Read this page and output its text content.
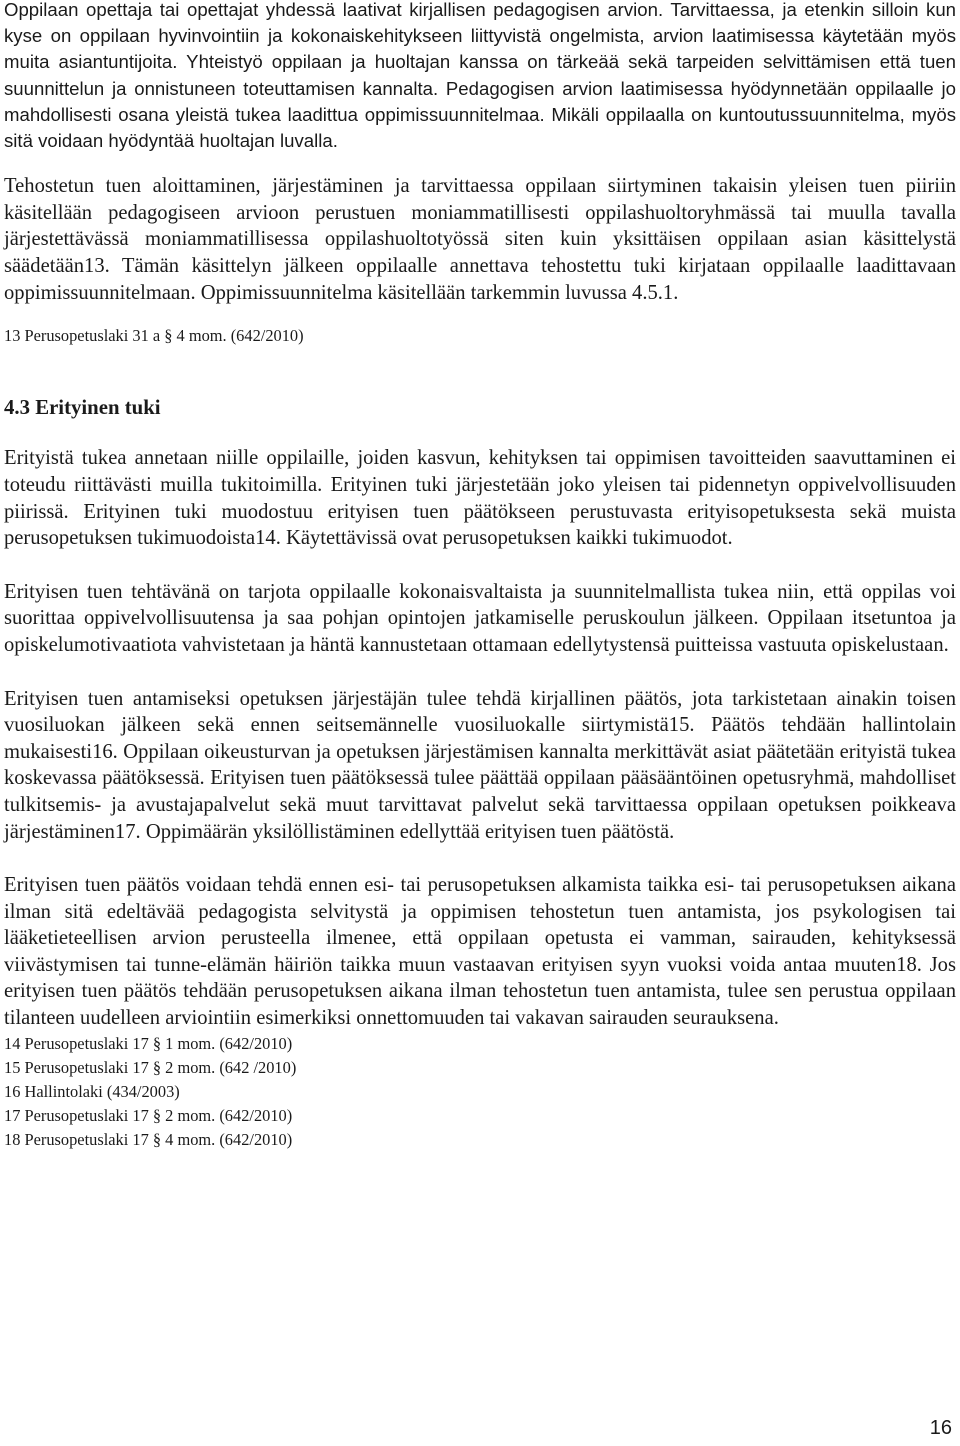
Oppilaan opettaja tai opettajat yhdessä laativat kirjallisen pedagogisen arvion. Tarvittaessa, ja etenkin silloin kun kyse on oppilaan hyvinvointiin ja kokonaiskehitykseen liittyvistä ongelmista, arvion laatimisessa käytetään myös muita asiantuntijoita. Yhteistyö oppilaan ja huoltajan kanssa on tärkeää sekä tarpeiden selvittämisen että tuen suunnittelun ja onnistuneen toteuttamisen kannalta. Pedagogisen arvion laatimisessa hyödynnetään oppilaalle jo mahdollisesti osana yleistä tukea laadittua oppimissuunnitelmaa. Mikäli oppilaalla on kuntoutussuunnitelma, myös sitä voidaan hyödyntää huoltajan luvalla.

Tehostetun tuen aloittaminen, järjestäminen ja tarvittaessa oppilaan siirtyminen takaisin yleisen tuen piiriin käsitellään pedagogiseen arvioon perustuen moniammatillisesti oppilashuoltoryhmässä tai muulla tavalla järjestettävässä moniammatillisessa oppilashuoltotyössä siten kuin yksittäisen oppilaan asian käsittelystä säädetään13. Tämän käsittelyn jälkeen oppilaalle annettava tehostettu tuki kirjataan oppilaalle laadittavaan oppimissuunnitelmaan. Oppimissuunnitelma käsitellään tarkemmin luvussa 4.5.1.

13 Perusopetuslaki 31 a § 4 mom. (642/2010)

4.3 Erityinen tuki

Erityistä tukea annetaan niille oppilaille, joiden kasvun, kehityksen tai oppimisen tavoitteiden saavuttaminen ei toteudu riittävästi muilla tukitoimilla. Erityinen tuki järjestetään joko yleisen tai pidennetyn oppivelvollisuuden piirissä. Erityinen tuki muodostuu erityisen tuen päätökseen perustuvasta erityisopetuksesta sekä muista perusopetuksen tukimuodoista14. Käytettävissä ovat perusopetuksen kaikki tukimuodot.

Erityisen tuen tehtävänä on tarjota oppilaalle kokonaisvaltaista ja suunnitelmallista tukea niin, että oppilas voi suorittaa oppivelvollisuutensa ja saa pohjan opintojen jatkamiselle peruskoulun jälkeen. Oppilaan itsetuntoa ja opiskelumotivaatiota vahvistetaan ja häntä kannustetaan ottamaan edellytystensä puitteissa vastuuta opiskelustaan.

Erityisen tuen antamiseksi opetuksen järjestäjän tulee tehdä kirjallinen päätös, jota tarkistetaan ainakin toisen vuosiluokan jälkeen sekä ennen seitsemännelle vuosiluokalle siirtymistä15. Päätös tehdään hallintolain mukaisesti16. Oppilaan oikeusturvan ja opetuksen järjestämisen kannalta merkittävät asiat päätetään erityistä tukea koskevassa päätöksessä. Erityisen tuen päätöksessä tulee päättää oppilaan pääsääntöinen opetusryhmä, mahdolliset tulkitsemis- ja avustajapalvelut sekä muut tarvittavat palvelut sekä tarvittaessa oppilaan opetuksen poikkeava järjestäminen17. Oppimäärän yksilöllistäminen edellyttää erityisen tuen päätöstä.

Erityisen tuen päätös voidaan tehdä ennen esi- tai perusopetuksen alkamista taikka esi- tai perusopetuksen aikana ilman sitä edeltävää pedagogista selvitystä ja oppimisen tehostetun tuen antamista, jos psykologisen tai lääketieteellisen arvion perusteella ilmenee, että oppilaan opetusta ei vamman, sairauden, kehityksessä viivästymisen tai tunne-elämän häiriön taikka muun vastaavan erityisen syyn vuoksi voida antaa muuten18. Jos erityisen tuen päätös tehdään perusopetuksen aikana ilman tehostetun tuen antamista, tulee sen perustua oppilaan tilanteen uudelleen arviointiin esimerkiksi onnettomuuden tai vakavan sairauden seurauksena.

14 Perusopetuslaki 17 § 1 mom. (642/2010)

15 Perusopetuslaki 17 § 2 mom. (642 /2010)

16 Hallintolaki (434/2003)

17 Perusopetuslaki 17 § 2 mom. (642/2010)

18 Perusopetuslaki 17 § 4 mom. (642/2010)

16
